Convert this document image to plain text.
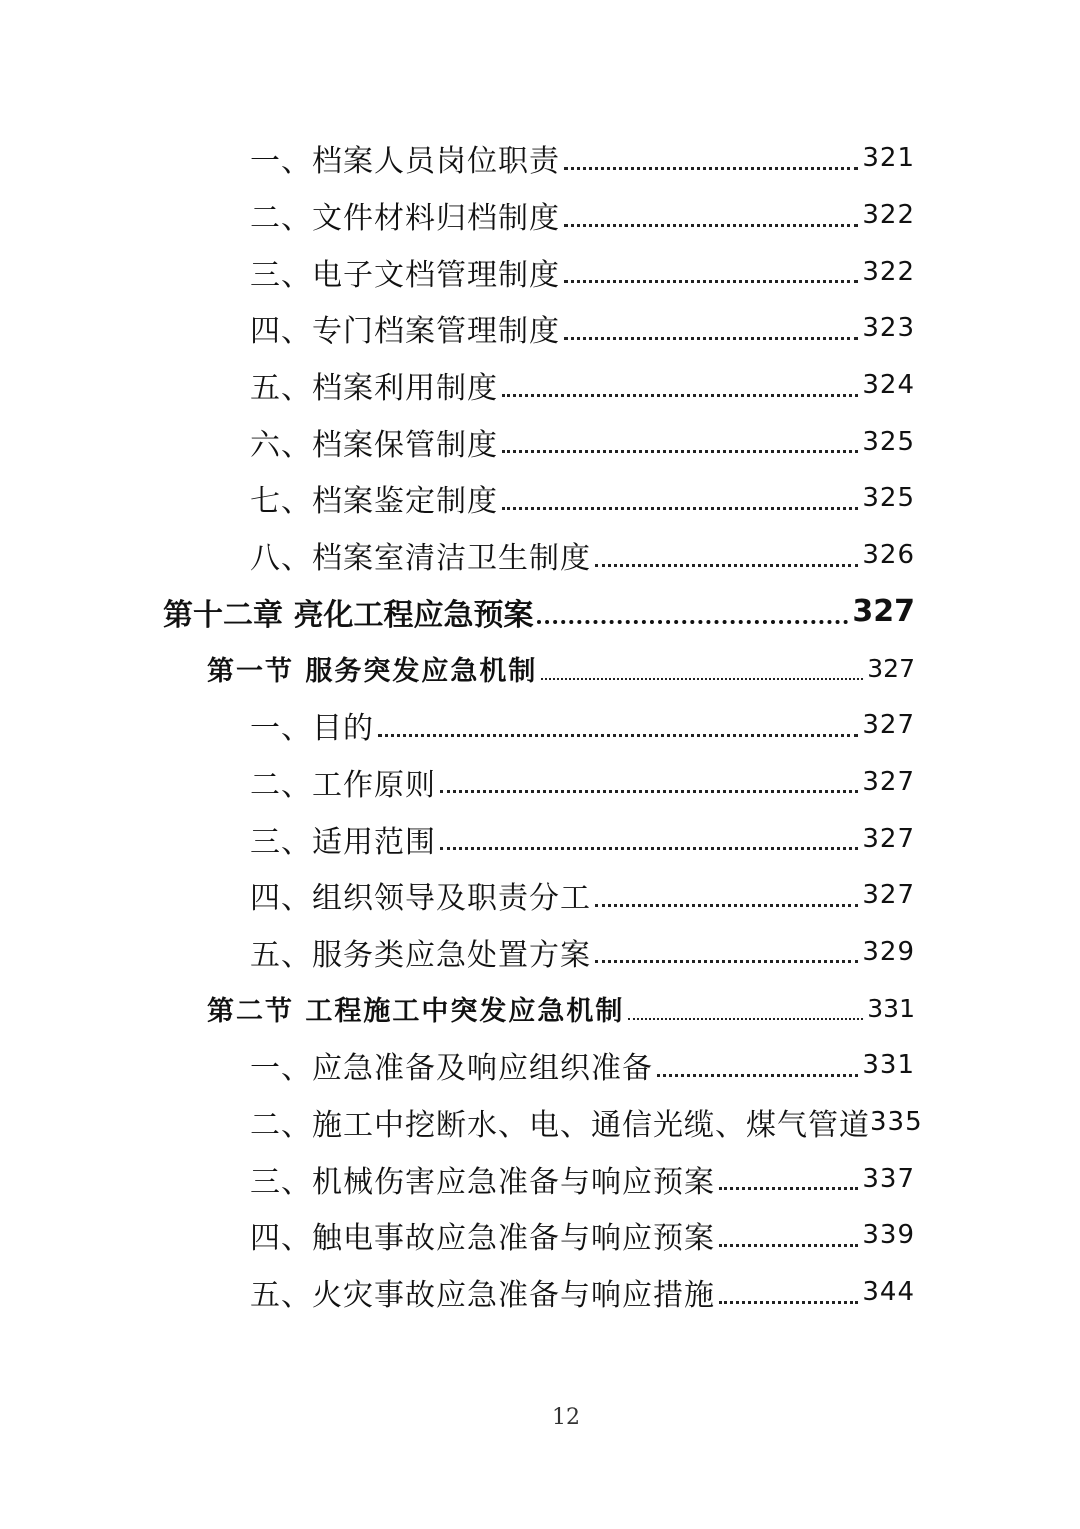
一、档案人员岗位职责	321
二、文件材料归档制度	322
三、电子文档管理制度	322
四、专门档案管理制度	323
五、档案利用制度	324
六、档案保管制度	325
七、档案鉴定制度	325
八、档案室清洁卫生制度	326
第十二章 亮化工程应急预案	327
第一节 服务突发应急机制	327
一、目的	327
二、工作原则	327
三、适用范围	327
四、组织领导及职责分工	327
五、服务类应急处置方案	329
第二节 工程施工中突发应急机制	331
一、应急准备及响应组织准备	331
二、施工中挖断水、电、通信光缆、煤气管道 335
三、机械伤害应急准备与响应预案	337
四、触电事故应急准备与响应预案	339
五、火灾事故应急准备与响应措施	344
12
